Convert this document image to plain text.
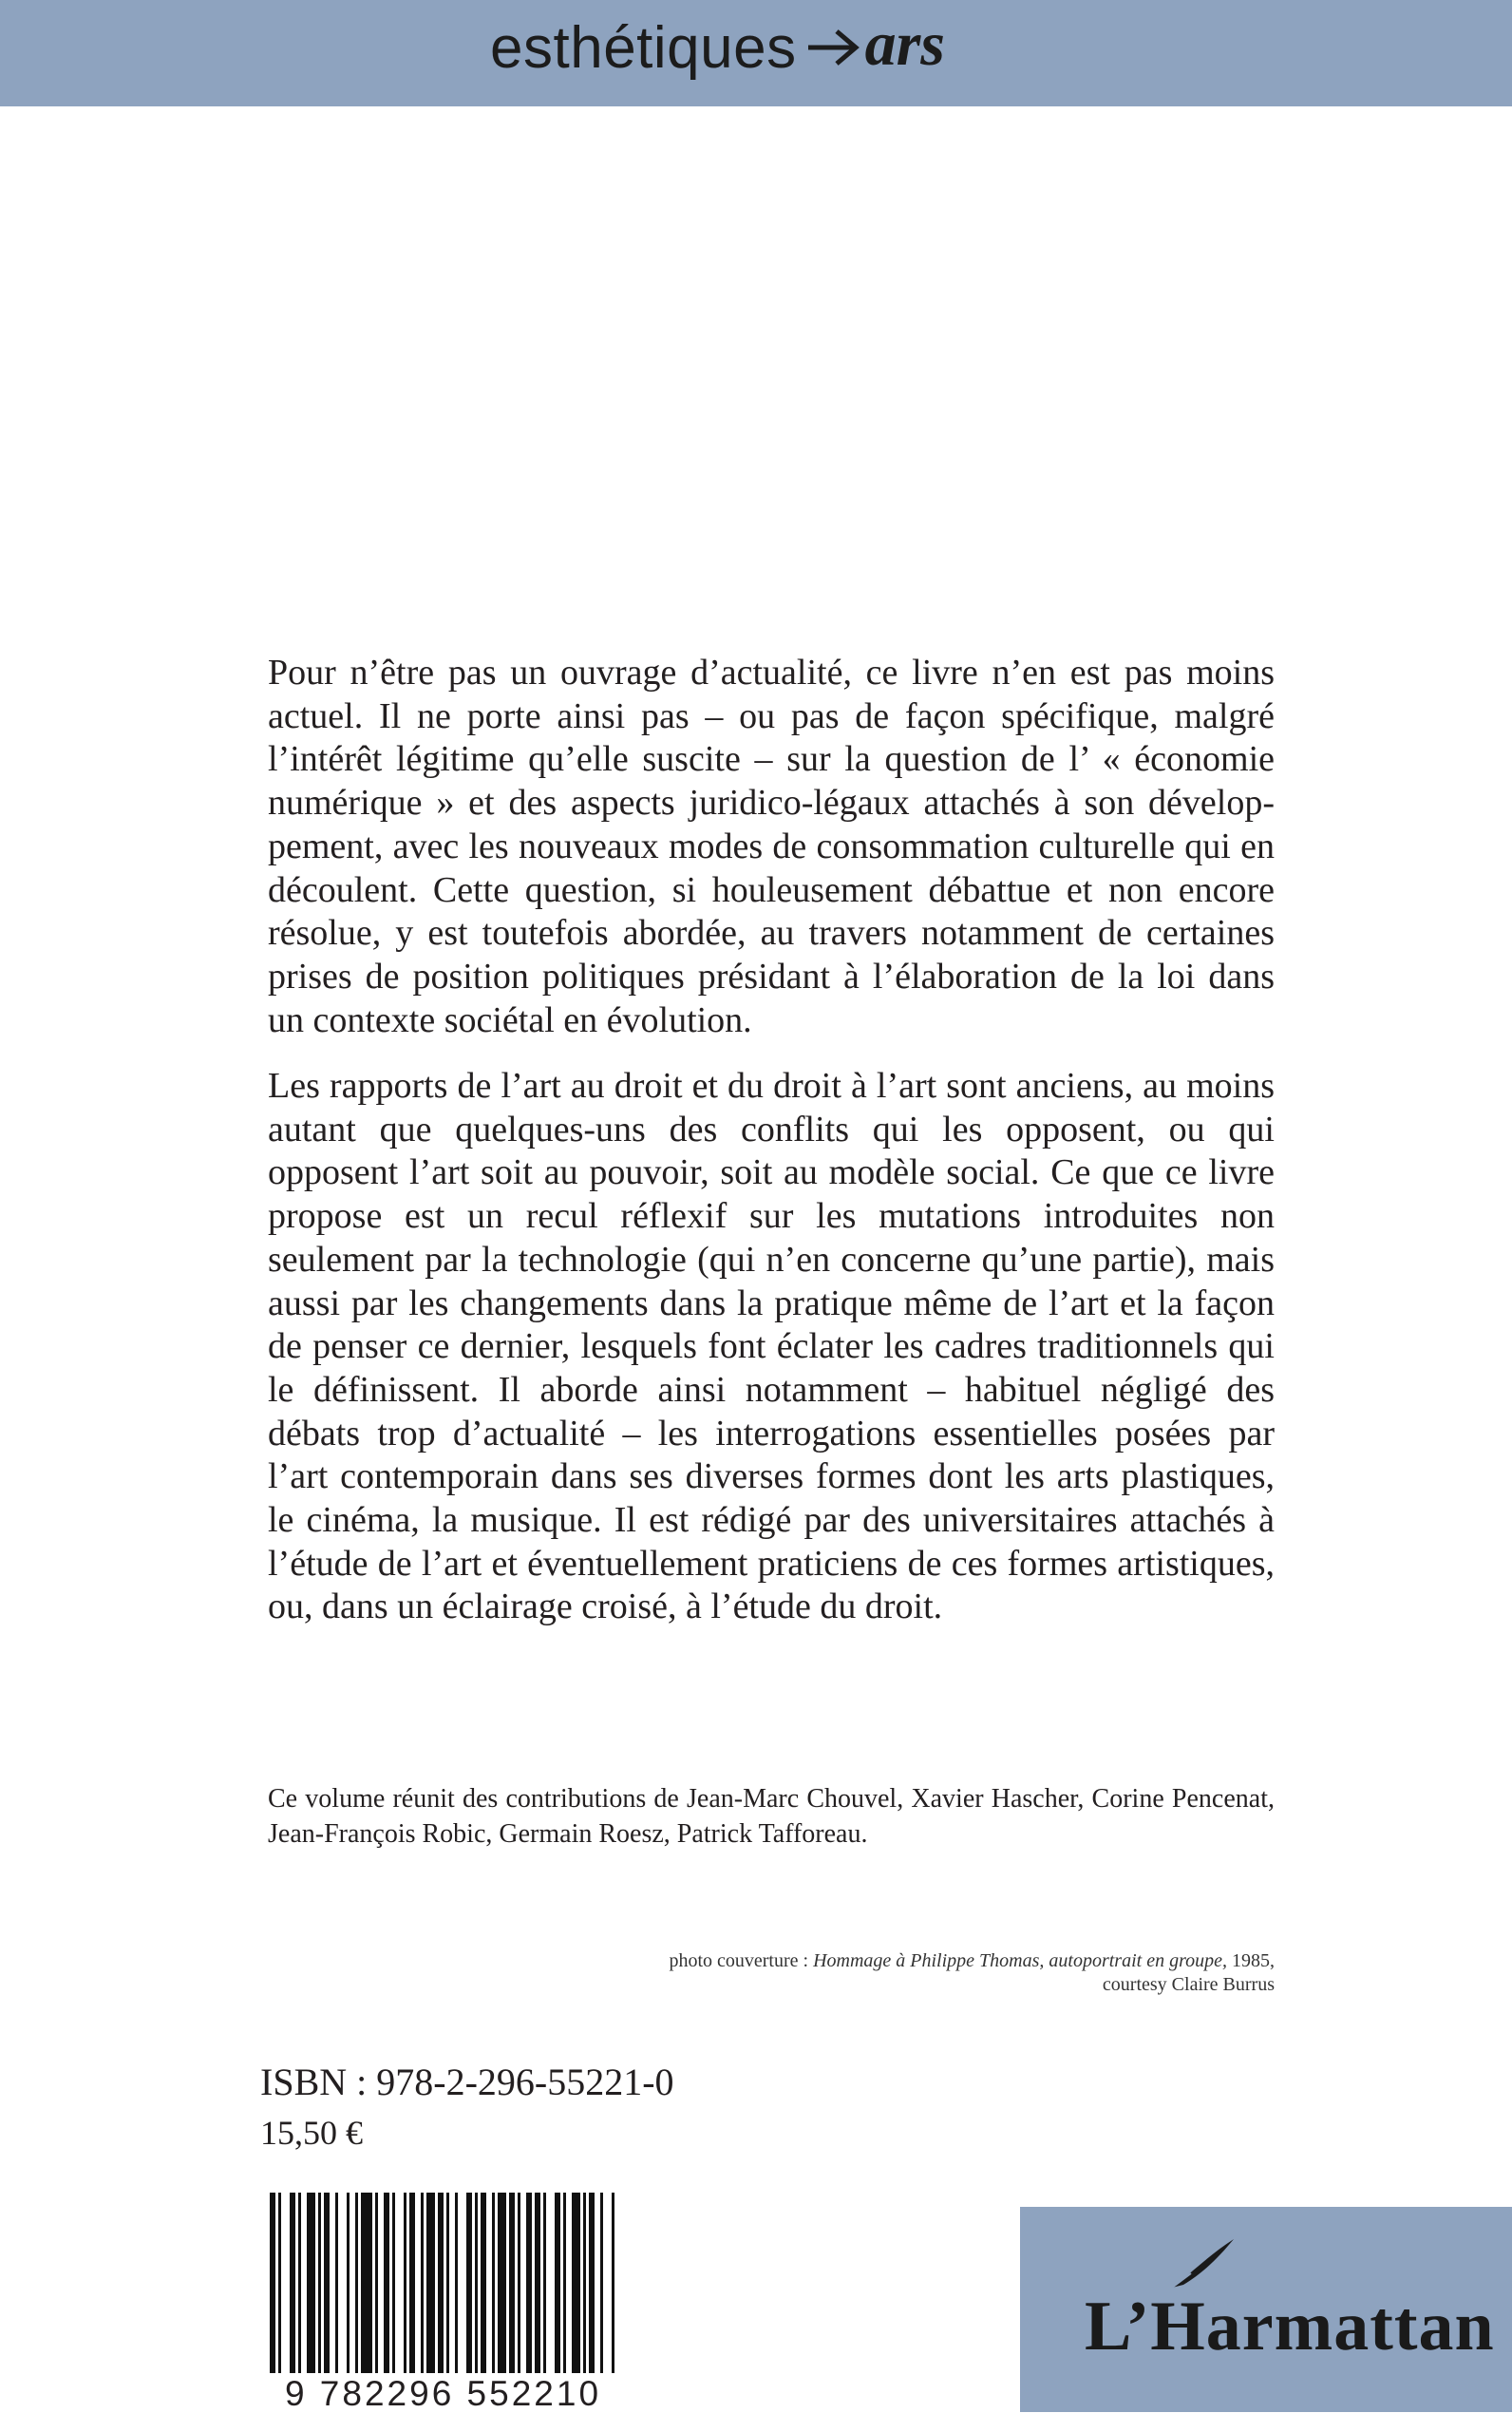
esthétiques ars

Pour n’être pas un ouvrage d’actualité, ce livre n’en est pas moins actuel. Il ne porte ainsi pas – ou pas de façon spécifique, malgré l’intérêt légitime qu’elle suscite – sur la question de l’ « économie numérique » et des aspects juridico-légaux attachés à son développement, avec les nouveaux modes de consommation culturelle qui en découlent. Cette question, si houleusement débattue et non encore résolue, y est toutefois abordée, au travers notamment de certaines prises de position politiques présidant à l’élaboration de la loi dans un contexte sociétal en évolution.

Les rapports de l’art au droit et du droit à l’art sont anciens, au moins autant que quelques-uns des conflits qui les opposent, ou qui opposent l’art soit au pouvoir, soit au modèle social. Ce que ce livre propose est un recul réflexif sur les mutations introduites non seulement par la technologie (qui n’en concerne qu’une partie), mais aussi par les changements dans la pratique même de l’art et la façon de penser ce dernier, lesquels font éclater les cadres traditionnels qui le définissent. Il aborde ainsi notamment – habituel négligé des débats trop d’actualité – les interrogations essentielles posées par l’art contemporain dans ses diverses formes dont les arts plastiques, le cinéma, la musique. Il est rédigé par des universitaires attachés à l’étude de l’art et éventuellement praticiens de ces formes artistiques, ou, dans un éclairage croisé, à l’étude du droit.

Ce volume réunit des contributions de Jean-Marc Chouvel, Xavier Hascher, Corine Pencenat, Jean-François Robic, Germain Roesz, Patrick Tafforeau.

photo couverture : Hommage à Philippe Thomas, autoportrait en groupe, 1985,
courtesy Claire Burrus
ISBN : 978-2-296-55221-0
15,50 €
9 782296 552210
L’Harmattan
